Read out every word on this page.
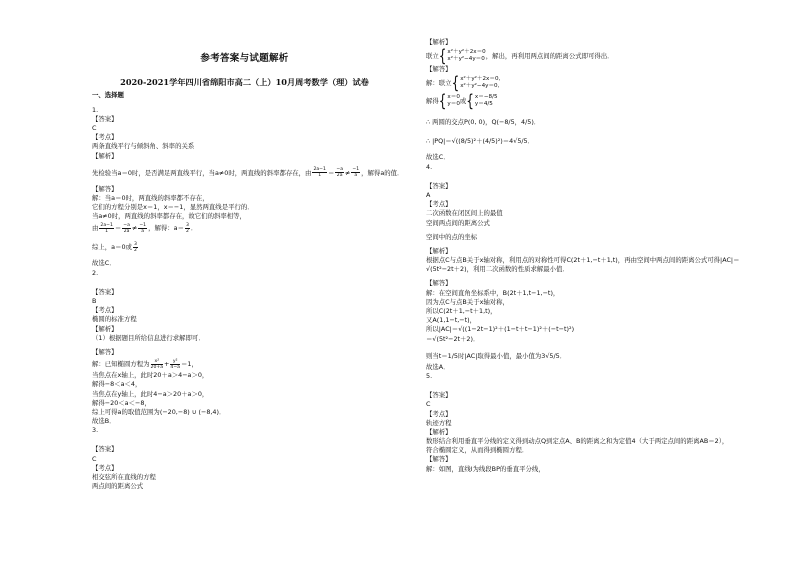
参考答案与试题解析
2020-2021学年四川省绵阳市高二（上）10月周考数学（理）试卷
一、选择题
1.
【答案】
C
【考点】
两条直线平行与倾斜角、斜率的关系
【解析】
先检验当a＝0时，是否满足两直线平行，当a≠0时，两直线的斜率都存在，由 $\frac{2a-1}{1} = \frac{-a}{2a} \ne \frac{-1}{a}$ ，解得a的值．
【解答】
解：当a＝0时，两直线的斜率都不存在，
它们的方程分别是x＝1，x＝−1，显然两直线是平行的．
当a≠0时，两直线的斜率都存在，故它们的斜率相等，
由 $\frac{2a-1}{1} = \frac{-a}{2a} \ne \frac{-1}{a}$ ，解得：$a= \frac{3}{2}$ ．
综上，a＝0或 $\frac{3}{2}$
故选C．
2.
【答案】
B
【考点】
椭圆的标准方程
【解析】
（1）根据题目所给信息进行求解即可．
【解答】
解：已知椭圆方程为 $\frac{\text{x²}}{20+a} + \frac{\text{y²}}{4-a} =1$，
当焦点在x轴上，此时20＋a＞4−a＞0，
解得−8＜a＜4，
当焦点在y轴上，此时4−a＞20＋a＞0，
解得−20＜a＜−8，
综上可得a的取值范围为(−20,−8) ∪ (−8,4)．
故选B．
3.
【答案】
C
【考点】
相交弦所在直线的方程
两点间的距离公式
【解析】
联立{ x²＋y²＋2x＝0
x²＋y²−4y＝0 ，解出，再利用两点间的距离公式即可得出．
【解答】
解：联立{ x²＋y²＋2x＝0,
x²＋y²−4y＝0,
解得{ x＝0
y＝0 或{ x＝−8/5
y＝4/5
∴ 两圆的交点P(0, 0)，Q(−8/5，4/5)．
∴ |PQ|＝√((8/5)²＋(4/5)²)＝4√5/5．
故选C．
4.
【答案】
A
【考点】
二次函数在闭区间上的最值
空间两点间的距离公式
空间中的点的坐标
【解析】
根据点C与点B关于x轴对称，利用点的对称性可得C(2t＋1,−t＋1,t)，再由空间中两点间的距离公式可得|AC|＝
√(5t²−2t＋2)，利用二次函数的性质求解最小值．
【解答】
解：在空间直角坐标系中，B(2t＋1,t−1,−t)，
因为点C与点B关于x轴对称，
所以C(2t＋1,−t＋1,t)，
又A(1,1−t,−t)，
所以|AC|＝√((1−2t−1)²＋(1−t＋t−1)²＋(−t−t)²)
＝√(5t²−2t＋2)．
则当t＝1/5时|AC|取得最小值，最小值为3√5/5．
故选A．
5.
【答案】
C
【考点】
轨迹方程
【解析】
数形结合利用垂直平分线的定义得到动点Q到定点A、B的距离之和为定值4（大于两定点间的距离AB＝2），
符合椭圆定义，从而得到椭圆方程．
【解答】
解：如图，直线l为线段BP的垂直平分线，
